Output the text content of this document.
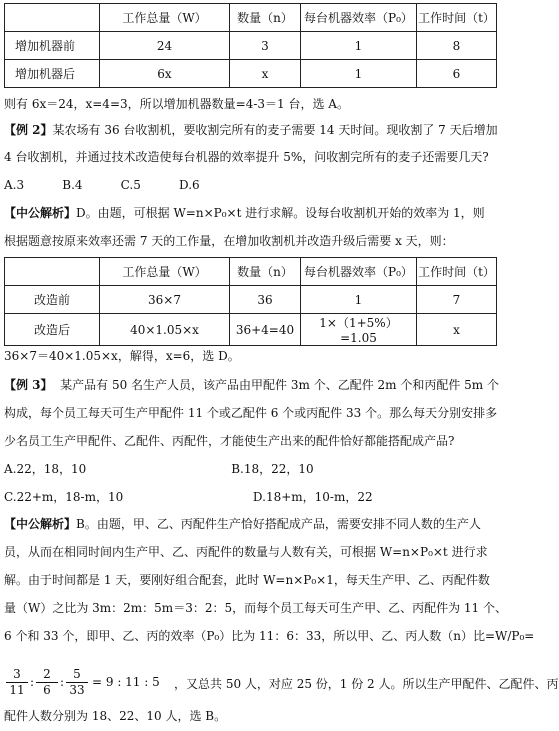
	工作总量（W）	数量（n）	每台机器效率（P₀）	工作时间（t）
增加机器前	24	3	1	8
增加机器后	6x	x	1	6
则有 6x＝24，x=4=3，所以增加机器数量=4-3＝1 台，选 A。
【例 2】某农场有 36 台收割机，要收割完所有的麦子需要 14 天时间。现收割了 7 天后增加
4 台收割机，并通过技术改造使每台机器的效率提升 5%，问收割完所有的麦子还需要几天?
A.3          B.4          C.5          D.6
【中公解析】D。由题，可根据 W=n×P₀×t 进行求解。设每台收割机开始的效率为 1，则
根据题意按原来效率还需 7 天的工作量，在增加收割机并改造升级后需要 x 天，则：
	工作总量（W）	数量（n）	每台机器效率（P₀）	工作时间（t）
改造前	36×7	36	1	7
改造后	40×1.05×x	36+4=40	1×（1+5%）=1.05	x
36×7＝40×1.05×x，解得，x=6，选 D。
【例 3】  某产品有 50 名生产人员，该产品由甲配件 3m 个、乙配件 2m 个和丙配件 5m 个
构成，每个员工每天可生产甲配件 11 个或乙配件 6 个或丙配件 33 个。那么每天分别安排多
少名员工生产甲配件、乙配件、丙配件，才能使生产出来的配件恰好都能搭配成产品?
A.22，18，10                                      B.18，22，10
C.22+m，18-m，10                                  D.18+m，10-m，22
【中公解析】B。由题，甲、乙、丙配件生产恰好搭配成产品，需要安排不同人数的生产人
员，从而在相同时间内生产甲、乙、丙配件的数量与人数有关，可根据 W=n×P₀×t 进行求
解。由于时间都是 1 天，要刚好组合配套，此时 W=n×P₀×1，每天生产甲、乙、丙配件数
量（W）之比为 3m：2m：5m＝3：2：5，而每个员工每天可生产甲、乙、丙配件为 11 个、
6 个和 33 个，即甲、乙、丙的效率（P₀）比为 11：6：33，所以甲、乙、丙人数（n）比=W/P₀=
3
11
:
2
6
:
5
33
= 9 : 11 : 5 ，又总共 50 人，对应 25 份，1 份 2 人。所以生产甲配件、乙配件、丙
配件人数分别为 18、22、10 人，选 B。
